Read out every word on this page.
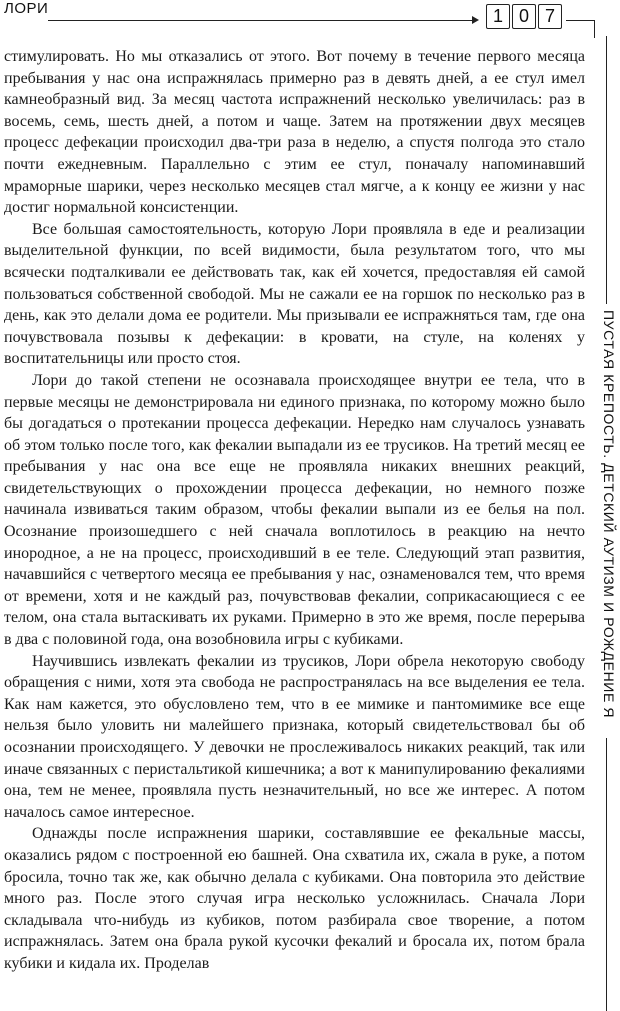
ЛОРИ	1 0 7
ПУСТАЯ КРЕПОСТЬ. ДЕТСКИЙ АУТИЗМ И РОЖДЕНИЕ Я

стимулировать. Но мы отказались от этого. Вот почему в течение первого месяца пребывания у нас она испражнялась примерно раз в девять дней, а ее стул имел камнеобразный вид. За месяц частота испражнений несколько увеличилась: раз в восемь, семь, шесть дней, а потом и чаще. Затем на протяжении двух месяцев процесс дефекации происходил два-три раза в неделю, а спустя полгода это стало почти ежедневным. Параллельно с этим ее стул, поначалу напоминавший мраморные шарики, через несколько месяцев стал мягче, а к концу ее жизни у нас достиг нормальной консистенции.

Все большая самостоятельность, которую Лори проявляла в еде и реализации выделительной функции, по всей видимости, была результатом того, что мы всячески подталкивали ее действовать так, как ей хочется, предоставляя ей самой пользоваться собственной свободой. Мы не сажали ее на горшок по несколько раз в день, как это делали дома ее родители. Мы призывали ее испражняться там, где она почувствовала позывы к дефекации: в кровати, на стуле, на коленях у воспитательницы или просто стоя.

Лори до такой степени не осознавала происходящее внутри ее тела, что в первые месяцы не демонстрировала ни единого признака, по которому можно было бы догадаться о протекании процесса дефекации. Нередко нам случалось узнавать об этом только после того, как фекалии выпадали из ее трусиков. На третий месяц ее пребывания у нас она все еще не проявляла никаких внешних реакций, свидетельствующих о прохождении процесса дефекации, но немного позже начинала извиваться таким образом, чтобы фекалии выпали из ее белья на пол. Осознание произошедшего с ней сначала воплотилось в реакцию на нечто инородное, а не на процесс, происходивший в ее теле. Следующий этап развития, начавшийся с четвертого месяца ее пребывания у нас, ознаменовался тем, что время от времени, хотя и не каждый раз, почувствовав фекалии, соприкасающиеся с ее телом, она стала вытаскивать их руками. Примерно в это же время, после перерыва в два с половиной года, она возобновила игры с кубиками.

Научившись извлекать фекалии из трусиков, Лори обрела некоторую свободу обращения с ними, хотя эта свобода не распространялась на все выделения ее тела. Как нам кажется, это обусловлено тем, что в ее мимике и пантомимике все еще нельзя было уловить ни малейшего признака, который свидетельствовал бы об осознании происходящего. У девочки не прослеживалось никаких реакций, так или иначе связанных с перистальтикой кишечника; а вот к манипулированию фекалиями она, тем не менее, проявляла пусть незначительный, но все же интерес. А потом началось самое интересное.

Однажды после испражнения шарики, составлявшие ее фекальные массы, оказались рядом с построенной ею башней. Она схватила их, сжала в руке, а потом бросила, точно так же, как обычно делала с кубиками. Она повторила это действие много раз. После этого случая игра несколько усложнилась. Сначала Лори складывала что-нибудь из кубиков, потом разбирала свое творение, а потом испражнялась. Затем она брала рукой кусочки фекалий и бросала их, потом брала кубики и кидала их. Проделав
